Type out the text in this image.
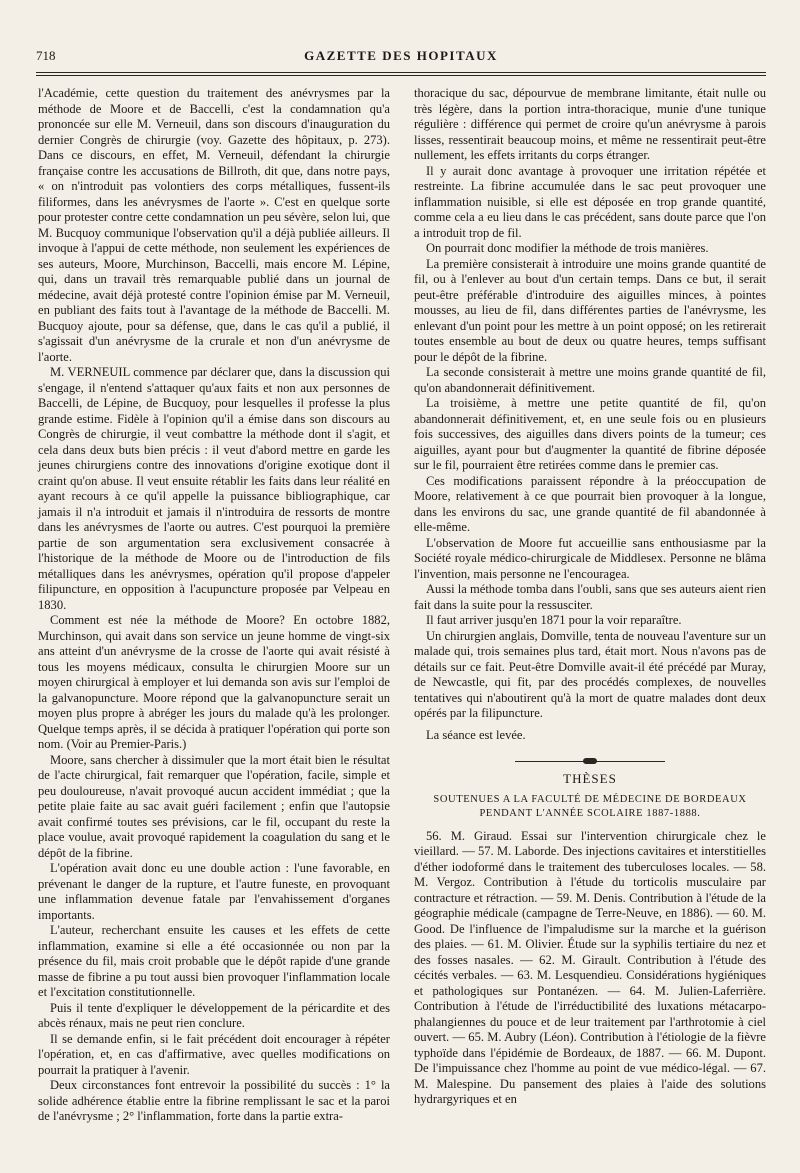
718	GAZETTE DES HOPITAUX

l'Académie, cette question du traitement des anévrysmes par la méthode de Moore et de Baccelli, c'est la condamnation qu'a prononcée sur elle M. Verneuil, dans son discours d'inauguration du dernier Congrès de chirurgie (voy. Gazette des hôpitaux, p. 273). Dans ce discours, en effet, M. Verneuil, défendant la chirurgie française contre les accusations de Billroth, dit que, dans notre pays, « on n'introduit pas volontiers des corps métalliques, fussent-ils filiformes, dans les anévrysmes de l'aorte ». C'est en quelque sorte pour protester contre cette condamnation un peu sévère, selon lui, que M. Bucquoy communique l'observation qu'il a déjà publiée ailleurs. Il invoque à l'appui de cette méthode, non seulement les expériences de ses auteurs, Moore, Murchinson, Baccelli, mais encore M. Lépine, qui, dans un travail très remarquable publié dans un journal de médecine, avait déjà protesté contre l'opinion émise par M. Verneuil, en publiant des faits tout à l'avantage de la méthode de Baccelli. M. Bucquoy ajoute, pour sa défense, que, dans le cas qu'il a publié, il s'agissait d'un anévrysme de la crurale et non d'un anévrysme de l'aorte.

M. VERNEUIL commence par déclarer que, dans la discussion qui s'engage, il n'entend s'attaquer qu'aux faits et non aux personnes de Baccelli, de Lépine, de Bucquoy, pour lesquelles il professe la plus grande estime. Fidèle à l'opinion qu'il a émise dans son discours au Congrès de chirurgie, il veut combattre la méthode dont il s'agit, et cela dans deux buts bien précis : il veut d'abord mettre en garde les jeunes chirurgiens contre des innovations d'origine exotique dont il craint qu'on abuse. Il veut ensuite rétablir les faits dans leur réalité en ayant recours à ce qu'il appelle la puissance bibliographique, car jamais il n'a introduit et jamais il n'introduira de ressorts de montre dans les anévrysmes de l'aorte ou autres. C'est pourquoi la première partie de son argumentation sera exclusivement consacrée à l'historique de la méthode de Moore ou de l'introduction de fils métalliques dans les anévrysmes, opération qu'il propose d'appeler filipuncture, en opposition à l'acupuncture proposée par Velpeau en 1830.

Comment est née la méthode de Moore? En octobre 1882, Murchinson, qui avait dans son service un jeune homme de vingt-six ans atteint d'un anévrysme de la crosse de l'aorte qui avait résisté à tous les moyens médicaux, consulta le chirurgien Moore sur un moyen chirurgical à employer et lui demanda son avis sur l'emploi de la galvanopuncture. Moore répond que la galvanopuncture serait un moyen plus propre à abréger les jours du malade qu'à les prolonger. Quelque temps après, il se décida à pratiquer l'opération qui porte son nom. (Voir au Premier-Paris.)

Moore, sans chercher à dissimuler que la mort était bien le résultat de l'acte chirurgical, fait remarquer que l'opération, facile, simple et peu douloureuse, n'avait provoqué aucun accident immédiat ; que la petite plaie faite au sac avait guéri facilement ; enfin que l'autopsie avait confirmé toutes ses prévisions, car le fil, occupant du reste la place voulue, avait provoqué rapidement la coagulation du sang et le dépôt de la fibrine.

L'opération avait donc eu une double action : l'une favorable, en prévenant le danger de la rupture, et l'autre funeste, en provoquant une inflammation devenue fatale par l'envahissement d'organes importants.

L'auteur, recherchant ensuite les causes et les effets de cette inflammation, examine si elle a été occasionnée ou non par la présence du fil, mais croit probable que le dépôt rapide d'une grande masse de fibrine a pu tout aussi bien provoquer l'inflammation locale et l'excitation constitutionnelle.

Puis il tente d'expliquer le développement de la péricardite et des abcès rénaux, mais ne peut rien conclure.

Il se demande enfin, si le fait précédent doit encourager à répéter l'opération, et, en cas d'affirmative, avec quelles modifications on pourrait la pratiquer à l'avenir.

Deux circonstances font entrevoir la possibilité du succès : 1° la solide adhérence établie entre la fibrine remplissant le sac et la paroi de l'anévrysme ; 2° l'inflammation, forte dans la partie extra-

thoracique du sac, dépourvue de membrane limitante, était nulle ou très légère, dans la portion intra-thoracique, munie d'une tunique régulière : différence qui permet de croire qu'un anévrysme à parois lisses, ressentirait beaucoup moins, et même ne ressentirait peut-être nullement, les effets irritants du corps étranger.

Il y aurait donc avantage à provoquer une irritation répétée et restreinte. La fibrine accumulée dans le sac peut provoquer une inflammation nuisible, si elle est déposée en trop grande quantité, comme cela a eu lieu dans le cas précédent, sans doute parce que l'on a introduit trop de fil.

On pourrait donc modifier la méthode de trois manières.

La première consisterait à introduire une moins grande quantité de fil, ou à l'enlever au bout d'un certain temps. Dans ce but, il serait peut-être préférable d'introduire des aiguilles minces, à pointes mousses, au lieu de fil, dans différentes parties de l'anévrysme, les enlevant d'un point pour les mettre à un point opposé; on les retirerait toutes ensemble au bout de deux ou quatre heures, temps suffisant pour le dépôt de la fibrine.

La seconde consisterait à mettre une moins grande quantité de fil, qu'on abandonnerait définitivement.

La troisième, à mettre une petite quantité de fil, qu'on abandonnerait définitivement, et, en une seule fois ou en plusieurs fois successives, des aiguilles dans divers points de la tumeur; ces aiguilles, ayant pour but d'augmenter la quantité de fibrine déposée sur le fil, pourraient être retirées comme dans le premier cas.

Ces modifications paraissent répondre à la préoccupation de Moore, relativement à ce que pourrait bien provoquer à la longue, dans les environs du sac, une grande quantité de fil abandonnée à elle-même.

L'observation de Moore fut accueillie sans enthousiasme par la Société royale médico-chirurgicale de Middlesex. Personne ne blâma l'invention, mais personne ne l'encouragea.

Aussi la méthode tomba dans l'oubli, sans que ses auteurs aient rien fait dans la suite pour la ressusciter.

Il faut arriver jusqu'en 1871 pour la voir reparaître.

Un chirurgien anglais, Domville, tenta de nouveau l'aventure sur un malade qui, trois semaines plus tard, était mort. Nous n'avons pas de détails sur ce fait. Peut-être Domville avait-il été précédé par Muray, de Newcastle, qui fit, par des procédés complexes, de nouvelles tentatives qui n'aboutirent qu'à la mort de quatre malades dont deux opérés par la filipuncture.

La séance est levée.

THÈSES
SOUTENUES A LA FACULTÉ DE MÉDECINE DE BORDEAUX
PENDANT L'ANNÉE SCOLAIRE 1887-1888.

56. M. Giraud. Essai sur l'intervention chirurgicale chez le vieillard. — 57. M. Laborde. Des injections cavitaires et interstitielles d'éther iodoformé dans le traitement des tuberculoses locales. — 58. M. Vergoz. Contribution à l'étude du torticolis musculaire par contracture et rétraction. — 59. M. Denis. Contribution à l'étude de la géographie médicale (campagne de Terre-Neuve, en 1886). — 60. M. Good. De l'influence de l'impaludisme sur la marche et la guérison des plaies. — 61. M. Olivier. Étude sur la syphilis tertiaire du nez et des fosses nasales. — 62. M. Girault. Contribution à l'étude des cécités verbales. — 63. M. Lesquendieu. Considérations hygiéniques et pathologiques sur Pontanézen. — 64. M. Julien-Laferrière. Contribution à l'étude de l'irréductibilité des luxations métacarpo-phalangiennes du pouce et de leur traitement par l'arthrotomie à ciel ouvert. — 65. M. Aubry (Léon). Contribution à l'étiologie de la fièvre typhoïde dans l'épidémie de Bordeaux, de 1887. — 66. M. Dupont. De l'impuissance chez l'homme au point de vue médico-légal. — 67. M. Malespine. Du pansement des plaies à l'aide des solutions hydrargyriques et en
